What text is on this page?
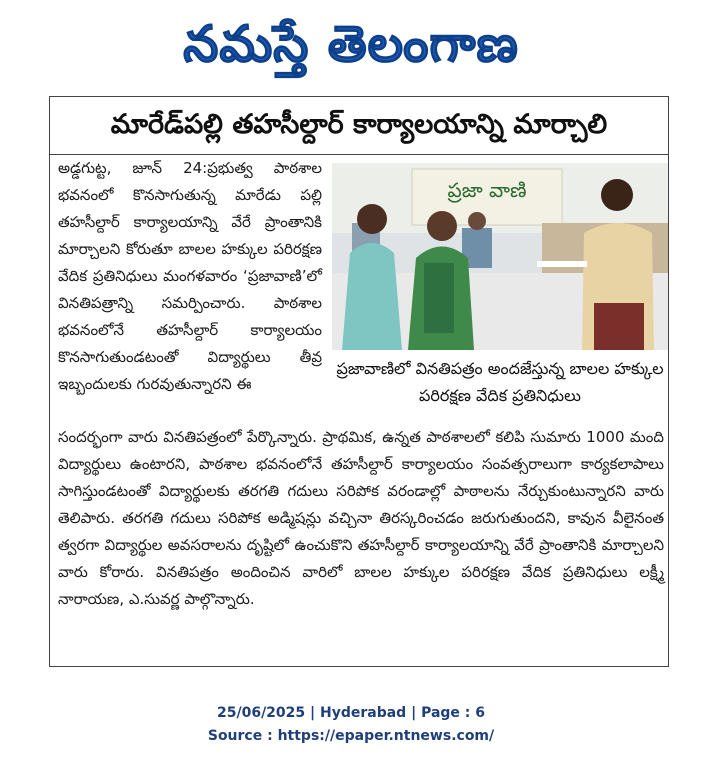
నమస్తే తెలంగాణ
మారేడ్‌పల్లి తహసీల్దార్ కార్యాలయాన్ని మార్చాలి
అడ్డగుట్ట, జూన్ 24:ప్రభుత్వ పాఠశాల భవనంలో కొనసాగుతున్న మారేడు పల్లి తహసీల్దార్ కార్యాలయాన్ని వేరే ప్రాంతానికి మార్చాలని కోరుతూ బాలల హక్కుల పరిరక్షణ వేదిక ప్రతినిధులు మంగళవారం ‘ప్రజావాణి’లో వినతిపత్రాన్ని సమర్పించారు. పాఠశాల భవనంలోనే తహసీల్దార్ కార్యాలయం కొనసాగుతుండటంతో విద్యార్థులు తీవ్ర ఇబ్బందులకు గురవుతున్నారని ఈ
ప్రజా వాణి
ప్రజావాణిలో వినతిపత్రం అందజేస్తున్న బాలల హక్కుల పరిరక్షణ వేదిక ప్రతినిధులు
సందర్భంగా వారు వినతిపత్రంలో పేర్కొన్నారు. ప్రాథమిక, ఉన్నత పాఠశాలలో కలిపి సుమారు 1000 మంది విద్యార్థులు ఉంటారని, పాఠశాల భవనంలోనే తహసీల్దార్ కార్యాలయం సంవత్సరాలుగా కార్యకలాపాలు సాగిస్తుండటంతో విద్యార్థులకు తరగతి గదులు సరిపోక వరండాల్లో పాఠాలను నేర్చుకుంటున్నారని వారు తెలిపారు. తరగతి గదులు సరిపోక అడ్మిషన్లు వచ్చినా తిరస్కరించడం జరుగుతుందని, కావున వీలైనంత త్వరగా విద్యార్థుల అవసరాలను దృష్టిలో ఉంచుకొని తహసీల్దార్ కార్యాలయాన్ని వేరే ప్రాంతానికి మార్చాలని వారు కోరారు. వినతిపత్రం అందించిన వారిలో బాలల హక్కుల పరిరక్షణ వేదిక ప్రతినిధులు లక్ష్మీ నారాయణ, ఎ.సువర్ణ పాల్గొన్నారు.
25/06/2025 | Hyderabad | Page : 6
Source : https://epaper.ntnews.com/
